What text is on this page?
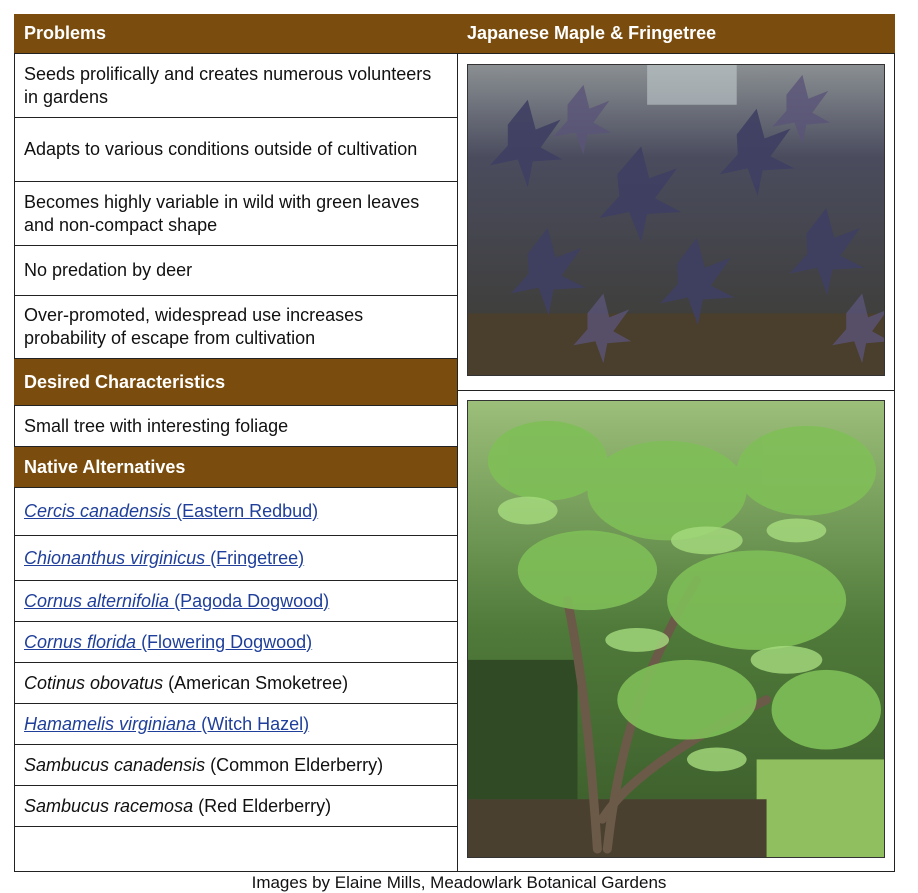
Problems
Seeds prolifically and creates numerous volunteers in gardens
Adapts to various conditions outside of cultivation
Becomes highly variable in wild with green leaves and non-compact shape
No predation by deer
Over-promoted, widespread use increases probability of escape from cultivation
Desired Characteristics
Small tree with interesting foliage
Native Alternatives
Cercis canadensis (Eastern Redbud)
Chionanthus virginicus (Fringetree)
Cornus alternifolia (Pagoda Dogwood)
Cornus florida (Flowering Dogwood)
Cotinus obovatus (American Smoketree)
Hamamelis virginiana (Witch Hazel)
Sambucus canadensis (Common Elderberry)
Sambucus racemosa (Red Elderberry)
Japanese Maple & Fringetree
Images by Elaine Mills, Meadowlark Botanical Gardens
